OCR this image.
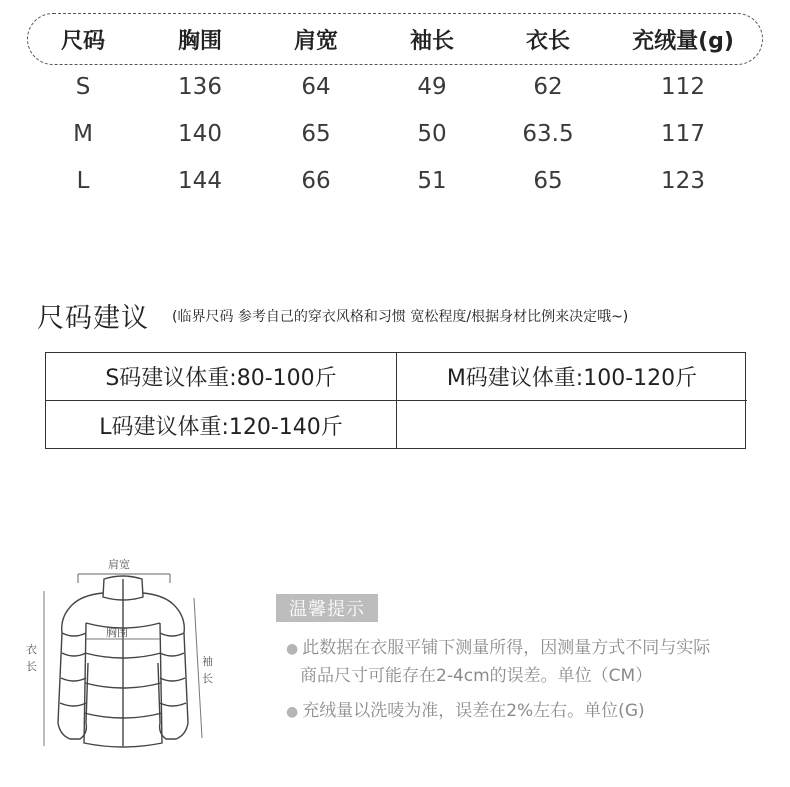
尺码	胸围	肩宽	袖长	衣长	充绒量(g)
S	136	64	49	62	112
M	140	65	50	63.5	117
L	144	66	51	65	123
尺码建议 (临界尺码 参考自己的穿衣风格和习惯 宽松程度/根据身材比例来决定哦~)
S码建议体重:80-100斤	M码建议体重:100-120斤
L码建议体重:120-140斤
肩宽
胸围
衣
长	袖
长
温馨提示
● 此数据在衣服平铺下测量所得，因测量方式不同与实际
商品尺寸可能存在2-4cm的误差。单位（CM）
● 充绒量以洗唛为准，误差在2%左右。单位(G)
